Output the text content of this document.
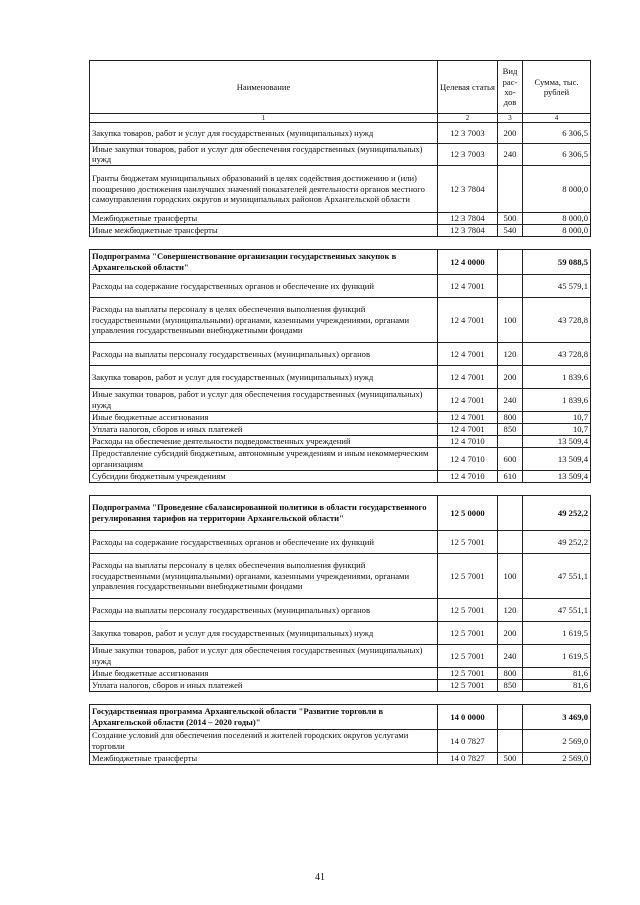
Наименование	Целевая статья	Вид рас-хо-дов	Сумма, тыс. рублей
1	2	3	4
Закупка товаров, работ и услуг для государственных (муниципальных) нужд	12 3 7003	200	6 306,5
Иные закупки товаров, работ и услуг для обеспечения государственных (муниципальных) нужд	12 3 7003	240	6 306,5
Гранты бюджетам муниципальных образований в целях содействия достижению и (или) поощрению достижения наилучших значений показателей деятельности органов местного самоуправления городских округов и муниципальных районов Архангельской области	12 3 7804		8 000,0
Межбюджетные трансферты	12 3 7804	500	8 000,0
Иные межбюджетные трансферты	12 3 7804	540	8 000,0

Подпрограмма "Совершенствование организации государственных закупок в Архангельской области"	12 4 0000		59 088,5
Расходы на содержание государственных органов и обеспечение их функций	12 4 7001		45 579,1
Расходы на выплаты персоналу в целях обеспечения выполнения функций государственными (муниципальными) органами, казенными учреждениями, органами управления государственными внебюджетными фондами	12 4 7001	100	43 728,8
Расходы на выплаты персоналу государственных (муниципальных) органов	12 4 7001	120	43 728,8
Закупка товаров, работ и услуг для государственных (муниципальных) нужд	12 4 7001	200	1 839,6
Иные закупки товаров, работ и услуг для обеспечения государственных (муниципальных) нужд	12 4 7001	240	1 839,6
Иные бюджетные ассигнования	12 4 7001	800	10,7
Уплата налогов, сборов и иных платежей	12 4 7001	850	10,7
Расходы на обеспечение деятельности подведомственных учреждений	12 4 7010		13 509,4
Предоставление субсидий бюджетным, автономным учреждениям и иным некоммерческим организациям	12 4 7010	600	13 509,4
Субсидии бюджетным учреждениям	12 4 7010	610	13 509,4

Подпрограмма "Проведение сбалансированной политики в области государственного регулирования тарифов на территории Архангельской области"	12 5 0000		49 252,2
Расходы на содержание государственных органов и обеспечение их функций	12 5 7001		49 252,2
Расходы на выплаты персоналу в целях обеспечения выполнения функций государственными (муниципальными) органами, казенными учреждениями, органами управления государственными внебюджетными фондами	12 5 7001	100	47 551,1
Расходы на выплаты персоналу государственных (муниципальных) органов	12 5 7001	120	47 551,1
Закупка товаров, работ и услуг для государственных (муниципальных) нужд	12 5 7001	200	1 619,5
Иные закупки товаров, работ и услуг для обеспечения государственных (муниципальных) нужд	12 5 7001	240	1 619,5
Иные бюджетные ассигнования	12 5 7001	800	81,6
Уплата налогов, сборов и иных платежей	12 5 7001	850	81,6

Государственная программа Архангельской области "Развитие торговли в Архангельской области (2014 – 2020 годы)"	14 0 0000		3 469,0
Создание условий для обеспечения поселений и жителей городских округов услугами торговли	14 0 7827		2 569,0
Межбюджетные трансферты	14 0 7827	500	2 569,0
41
